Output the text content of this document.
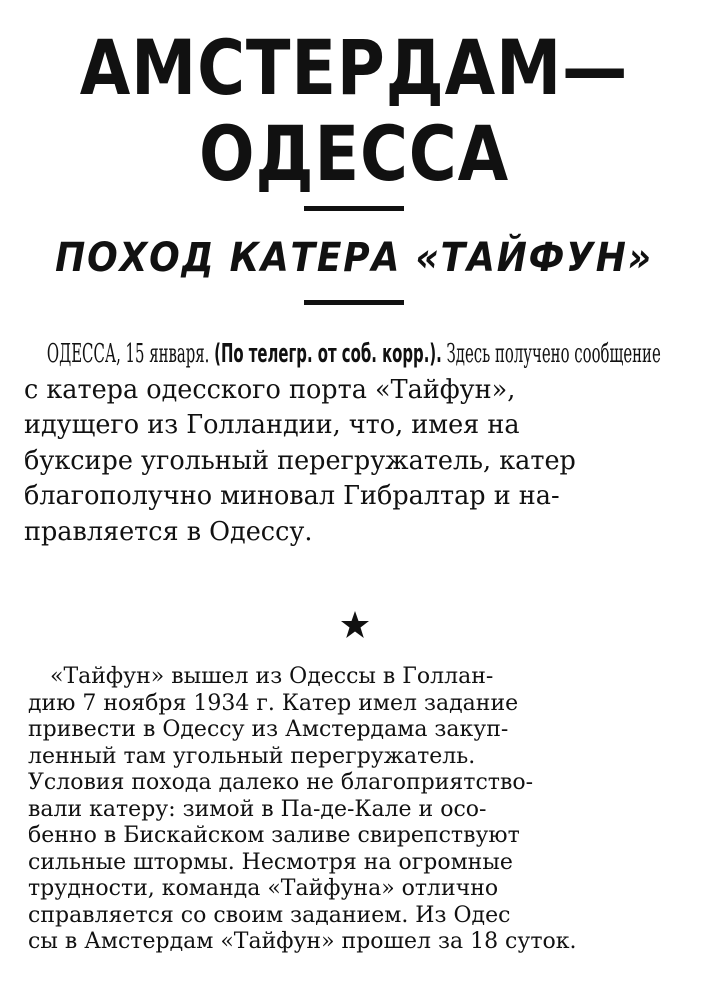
АМСТЕРДАМ—
ОДЕССА
ПОХОД КАТЕРА «ТАЙФУН»
ОДЕССА, 15 января. (По телегр. от соб. корр.). Здесь получено сообщение
с катера одесского порта «Тайфун»,
идущего из Голландии, что, имея на
буксире угольный перегружатель, катер
благополучно миновал Гибралтар и на-
правляется в Одессу.
«Тайфун» вышел из Одессы в Голлан-
дию 7 ноября 1934 г. Катер имел задание
привести в Одессу из Амстердама закуп-
ленный там угольный перегружатель.
Условия похода далеко не благоприятство-
вали катеру: зимой в Па-де-Кале и осо-
бенно в Бискайском заливе свирепствуют
сильные штормы. Несмотря на огромные
трудности, команда «Тайфуна» отлично
справляется со своим заданием. Из Одес
сы в Амстердам «Тайфун» прошел за 18 суток.
